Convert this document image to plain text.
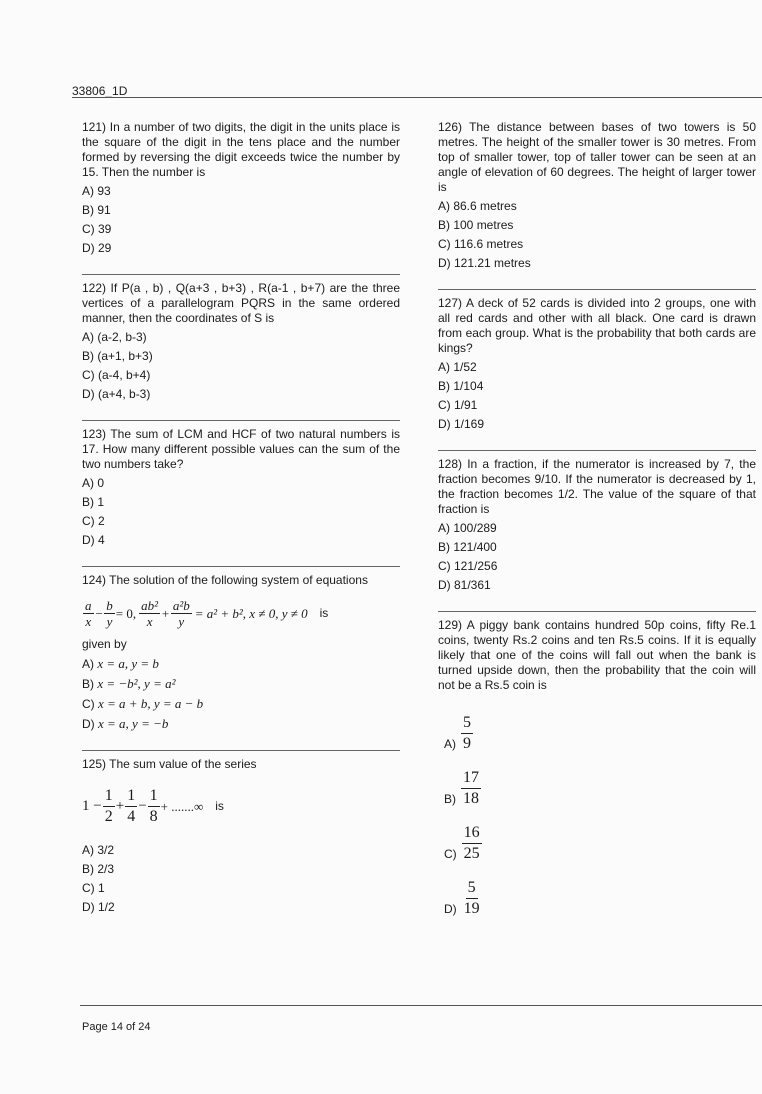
33806_1D
121) In a number of two digits, the digit in the units place is the square of the digit in the tens place and the number formed by reversing the digit exceeds twice the number by 15. Then the number is
A) 93
B) 91
C) 39
D) 29
122) If P(a , b) , Q(a+3 , b+3) , R(a-1 , b+7) are the three vertices of a parallelogram PQRS in the same ordered manner, then the coordinates of S is
A) (a-2, b-3)
B) (a+1, b+3)
C) (a-4, b+4)
D) (a+4, b-3)
123) The sum of LCM and HCF of two natural numbers is 17. How many different possible values can the sum of the two numbers take?
A) 0
B) 1
C) 2
D) 4
124) The solution of the following system of equations
$\frac{a}{x} - \frac{b}{y} = 0$, $\frac{\text{ab²}}{x} + \frac{\text{a²b}}{y} = a^2 + b^2$, x ≠ 0, y ≠ 0 is
given by
A) x = a, y = b
B) x = −b², y = a²
C) x = a + b, y = a − b
D) x = a, y = −b
125) The sum value of the series
$1 - \frac{1}{2} + \frac{1}{4} - \frac{1}{8}$ + .......∞ is
A) 3/2
B) 2/3
C) 1
D) 1/2
126) The distance between bases of two towers is 50 metres. The height of the smaller tower is 30 metres. From top of smaller tower, top of taller tower can be seen at an angle of elevation of 60 degrees. The height of larger tower is
A) 86.6 metres
B) 100 metres
C) 116.6 metres
D) 121.21 metres
127) A deck of 52 cards is divided into 2 groups, one with all red cards and other with all black. One card is drawn from each group. What is the probability that both cards are kings?
A) 1/52
B) 1/104
C) 1/91
D) 1/169
128) In a fraction, if the numerator is increased by 7, the fraction becomes 9/10. If the numerator is decreased by 1, the fraction becomes 1/2. The value of the square of that fraction is
A) 100/289
B) 121/400
C) 121/256
D) 81/361
129) A piggy bank contains hundred 50p coins, fifty Re.1 coins, twenty Rs.2 coins and ten Rs.5 coins. If it is equally likely that one of the coins will fall out when the bank is turned upside down, then the probability that the coin will not be a Rs.5 coin is
$A) \frac{5}{9}$
$B) \frac{17}{18}$
$C) \frac{16}{25}$
$D) \frac{5}{19}$
Page 14 of 24
